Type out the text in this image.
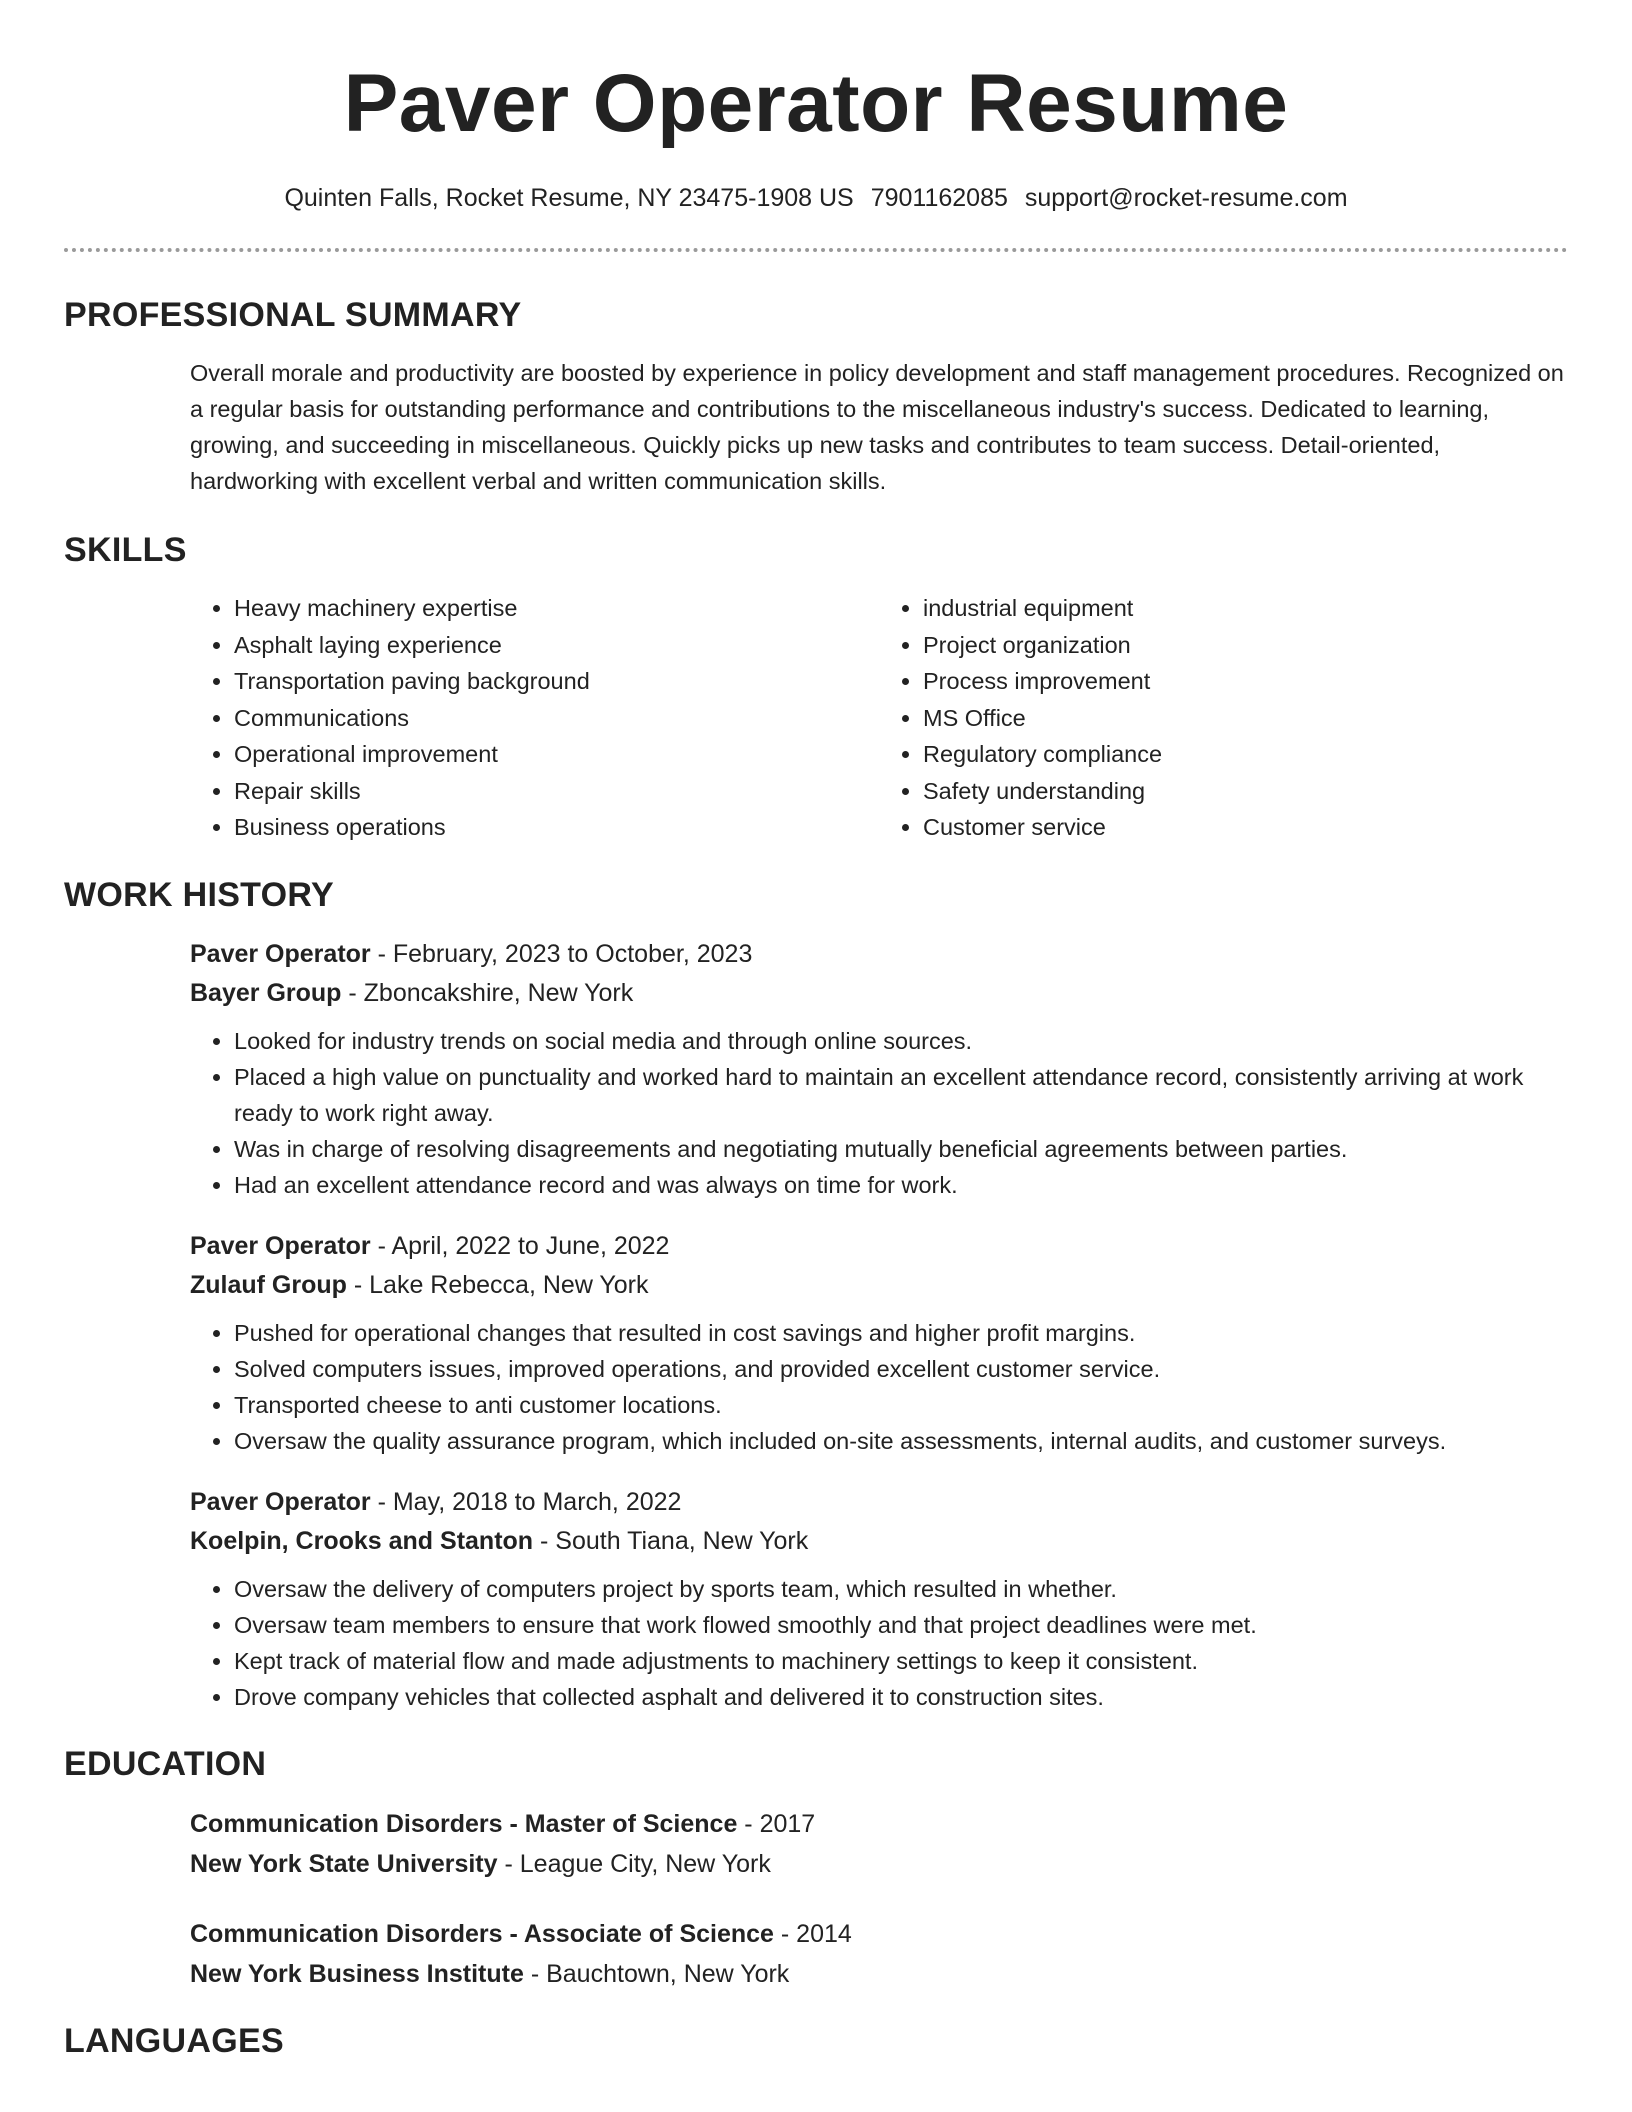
Paver Operator Resume
Quinten Falls, Rocket Resume, NY 23475-1908 US 7901162085 support@rocket-resume.com
PROFESSIONAL SUMMARY
Overall morale and productivity are boosted by experience in policy development and staff management procedures. Recognized on a regular basis for outstanding performance and contributions to the miscellaneous industry's success. Dedicated to learning, growing, and succeeding in miscellaneous. Quickly picks up new tasks and contributes to team success. Detail-oriented, hardworking with excellent verbal and written communication skills.
SKILLS
• Heavy machinery expertise
• Asphalt laying experience
• Transportation paving background
• Communications
• Operational improvement
• Repair skills
• Business operations
• industrial equipment
• Project organization
• Process improvement
• MS Office
• Regulatory compliance
• Safety understanding
• Customer service
WORK HISTORY
Paver Operator - February, 2023 to October, 2023
Bayer Group - Zboncakshire, New York
• Looked for industry trends on social media and through online sources.
• Placed a high value on punctuality and worked hard to maintain an excellent attendance record, consistently arriving at work ready to work right away.
• Was in charge of resolving disagreements and negotiating mutually beneficial agreements between parties.
• Had an excellent attendance record and was always on time for work.
Paver Operator - April, 2022 to June, 2022
Zulauf Group - Lake Rebecca, New York
• Pushed for operational changes that resulted in cost savings and higher profit margins.
• Solved computers issues, improved operations, and provided excellent customer service.
• Transported cheese to anti customer locations.
• Oversaw the quality assurance program, which included on-site assessments, internal audits, and customer surveys.
Paver Operator - May, 2018 to March, 2022
Koelpin, Crooks and Stanton - South Tiana, New York
• Oversaw the delivery of computers project by sports team, which resulted in whether.
• Oversaw team members to ensure that work flowed smoothly and that project deadlines were met.
• Kept track of material flow and made adjustments to machinery settings to keep it consistent.
• Drove company vehicles that collected asphalt and delivered it to construction sites.
EDUCATION
Communication Disorders - Master of Science - 2017
New York State University - League City, New York
Communication Disorders - Associate of Science - 2014
New York Business Institute - Bauchtown, New York
LANGUAGES
